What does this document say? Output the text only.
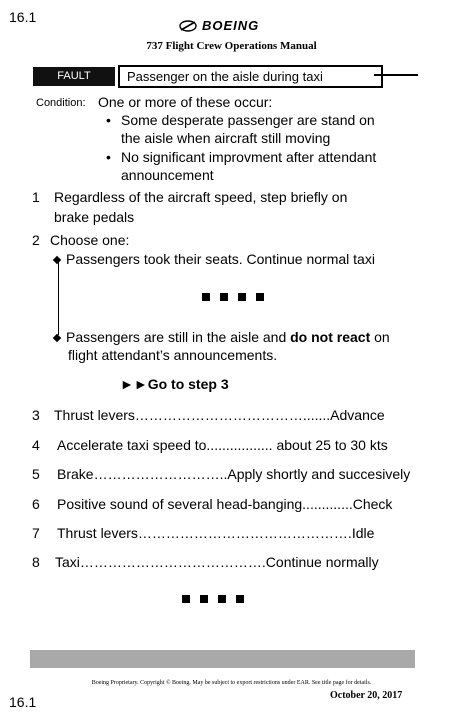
16.1
BOEING
737 Flight Crew Operations Manual
FAULT	Passenger on the aisle during taxi
Condition: One or more of these occur:
• Some desperate passenger are stand on
the aisle when aircraft still moving
• No significant improvment after attendant
announcement
1 Regardless of the aircraft speed, step briefly on
brake pedals
2 Choose one:
Passengers took their seats. Continue normal taxi
Passengers are still in the aisle and do not react on
flight attendant’s announcements.
►►Go to step 3
3 Thrust levers ………………………………....... Advance
4 Accelerate taxi speed to .................
about 25 to 30 kts
5 Brake ……………………….. Apply shortly and succesively
6 Positive sound of several head-banging ............. Check
7 Thrust levers ………………………………………. Idle
8 Taxi …………………………………. Continue normally
Boeing Proprietary. Copyright © Boeing. May be subject to export restrictions under EAR. See title page for details.
October 20, 2017
16.1
